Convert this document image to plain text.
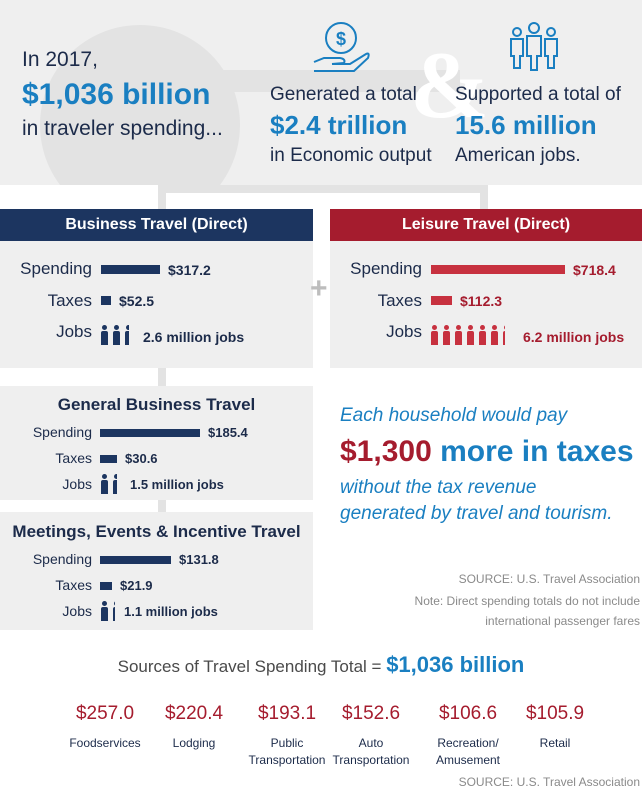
In 2017,
$1,036 billion
in traveler spending...
$
Generated a total
$2.4 trillion
in Economic output
&
Supported a total of
15.6 million
American jobs.
Business Travel (Direct)
Spending	$317.2
Taxes $52.5
Jobs	2.6 million jobs
+
Leisure Travel (Direct)
Spending	$718.4
Taxes	$112.3
Jobs	6.2 million jobs
General Business Travel
Spending	$185.4
Taxes	$30.6
Jobs	1.5 million jobs
Meetings, Events & Incentive Travel
Spending	$131.8
Taxes $21.9
Jobs 1.1 million jobs
Each household would pay
$1,300 more in taxes
without the tax revenue
generated by travel and tourism.
SOURCE: U.S. Travel Association
Note: Direct spending totals do not include
international passenger fares
Sources of Travel Spending Total = $1,036 billion
$257.0
Foodservices
$220.4
Lodging
$193.1
Public Transportation
$152.6
Auto Transportation
$106.6
Recreation/ Amusement
$105.9
Retail
SOURCE: U.S. Travel Association
